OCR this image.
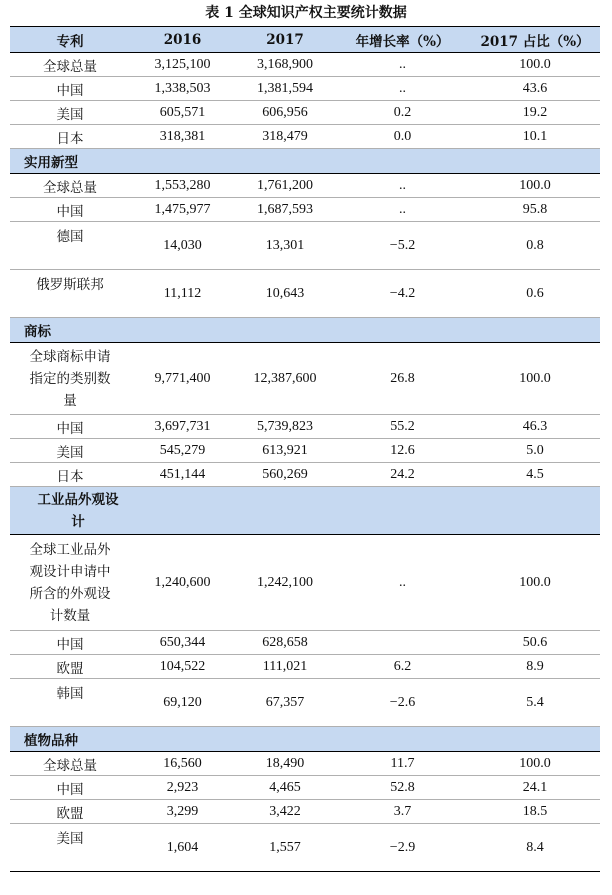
表 1 全球知识产权主要统计数据
专利	2016	2017	年增长率（%）	2017 占比（%）
全球总量	3,125,100	3,168,900	..	100.0
中国	1,338,503	1,381,594	..	43.6
美国	605,571	606,956	0.2	19.2
日本	318,381	318,479	0.0	10.1
实用新型				
全球总量	1,553,280	1,761,200	..	100.0
中国	1,475,977	1,687,593	..	95.8
德国	14,030	13,301	−5.2	0.8
俄罗斯联邦	11,112	10,643	−4.2	0.6
商标				

全球商标申请
指定的类别数
量	9,771,400	12,387,600	26.8	100.0
中国	3,697,731	5,739,823	55.2	46.3
美国	545,279	613,921	12.6	5.0
日本	451,144	560,269	24.2	4.5

工业品外观设
计				

全球工业品外
观设计申请中
所含的外观设
计数量	1,240,600	1,242,100	..	100.0
中国	650,344	628,658		50.6
欧盟	104,522	111,021	6.2	8.9
韩国	69,120	67,357	−2.6	5.4
植物品种				
全球总量	16,560	18,490	11.7	100.0
中国	2,923	4,465	52.8	24.1
欧盟	3,299	3,422	3.7	18.5
美国	1,604	1,557	−2.9	8.4
